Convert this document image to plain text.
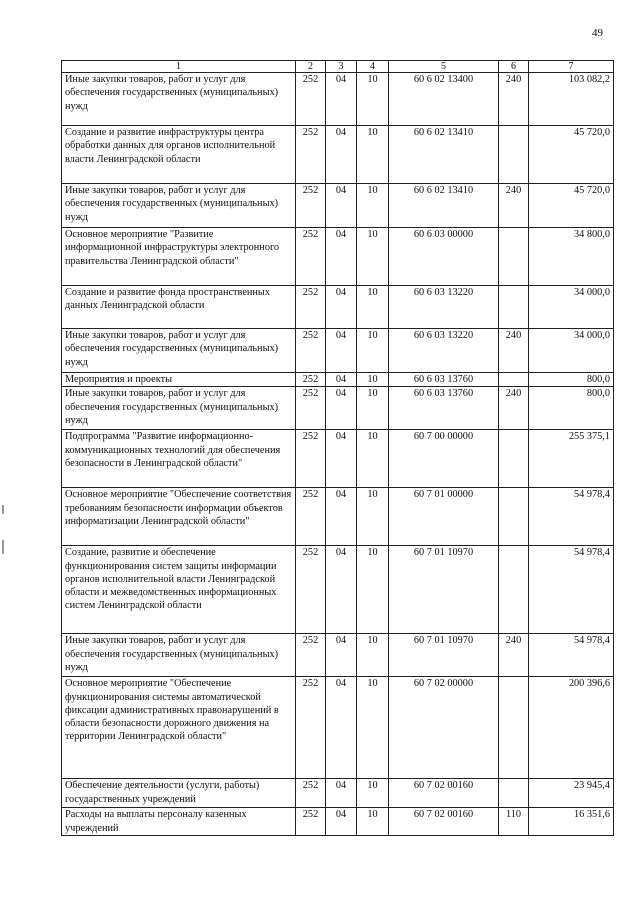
49
1	2	3	4	5	6	7
Иные закупки товаров, работ и услуг для обеспечения государственных (муниципальных) нужд	252	04	10	60 6 02 13400	240	103 082,2
Создание и развитие инфраструктуры центра обработки данных для органов исполнительной власти Ленинградской области	252	04	10	60 6 02 13410		45 720,0
Иные закупки товаров, работ и услуг для обеспечения государственных (муниципальных) нужд	252	04	10	60 6 02 13410	240	45 720,0
Основное мероприятие "Развитие информационной инфраструктуры электронного правительства Ленинградской области"	252	04	10	60 6 03 00000		34 800,0
Создание и развитие фонда пространственных данных Ленинградской области	252	04	10	60 6 03 13220		34 000,0
Иные закупки товаров, работ и услуг для обеспечения государственных (муниципальных) нужд	252	04	10	60 6 03 13220	240	34 000,0
Мероприятия и проекты	252	04	10	60 6 03 13760		800,0
Иные закупки товаров, работ и услуг для обеспечения государственных (муниципальных) нужд	252	04	10	60 6 03 13760	240	800,0
Подпрограмма "Развитие информационно-коммуникационных технологий для обеспечения безопасности в Ленинградской области"	252	04	10	60 7 00 00000		255 375,1
Основное мероприятие "Обеспечение соответствия требованиям безопасности информации объектов информатизации Ленинградской области"	252	04	10	60 7 01 00000		54 978,4
Создание, развитие и обеспечение функционирования систем защиты информации органов исполнительной власти Ленинградской области и межведомственных информационных систем Ленинградской области	252	04	10	60 7 01 10970		54 978,4
Иные закупки товаров, работ и услуг для обеспечения государственных (муниципальных) нужд	252	04	10	60 7 01 10970	240	54 978,4
Основное мероприятие "Обеспечение функционирования системы автоматической фиксации административных правонарушений в области безопасности дорожного движения на территории Ленинградской области"	252	04	10	60 7 02 00000		200 396,6
Обеспечение деятельности (услуги, работы) государственных учреждений	252	04	10	60 7 02 00160		23 945,4
Расходы на выплаты персоналу казенных учреждений	252	04	10	60 7 02 00160	110	16 351,6
